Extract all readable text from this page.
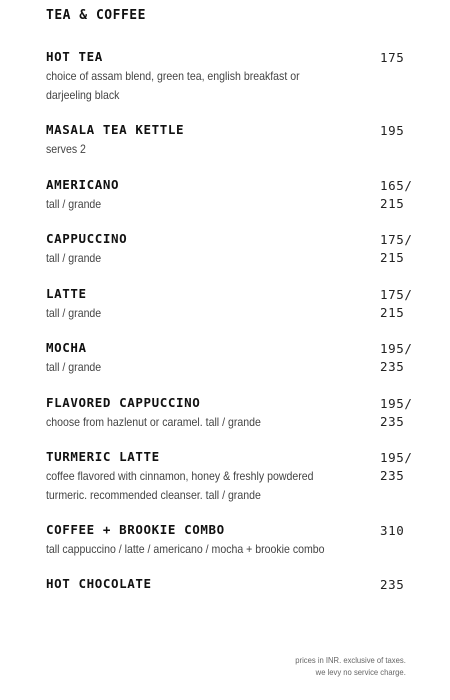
TEA & COFFEE
HOT TEA
choice of assam blend, green tea, english breakfast or darjeeling black
175
MASALA TEA KETTLE
serves 2
195
AMERICANO
tall / grande
165/
215
CAPPUCCINO
tall / grande
175/
215
LATTE
tall / grande
175/
215
MOCHA
tall / grande
195/
235
FLAVORED CAPPUCCINO
choose from hazlenut or caramel. tall / grande
195/
235
TURMERIC LATTE
coffee flavored with cinnamon, honey & freshly powdered turmeric. recommended cleanser. tall / grande
195/
235
COFFEE + BROOKIE COMBO
tall cappuccino / latte / americano / mocha + brookie combo
310
HOT CHOCOLATE	235
prices in INR. exclusive of taxes.
we levy no service charge.
